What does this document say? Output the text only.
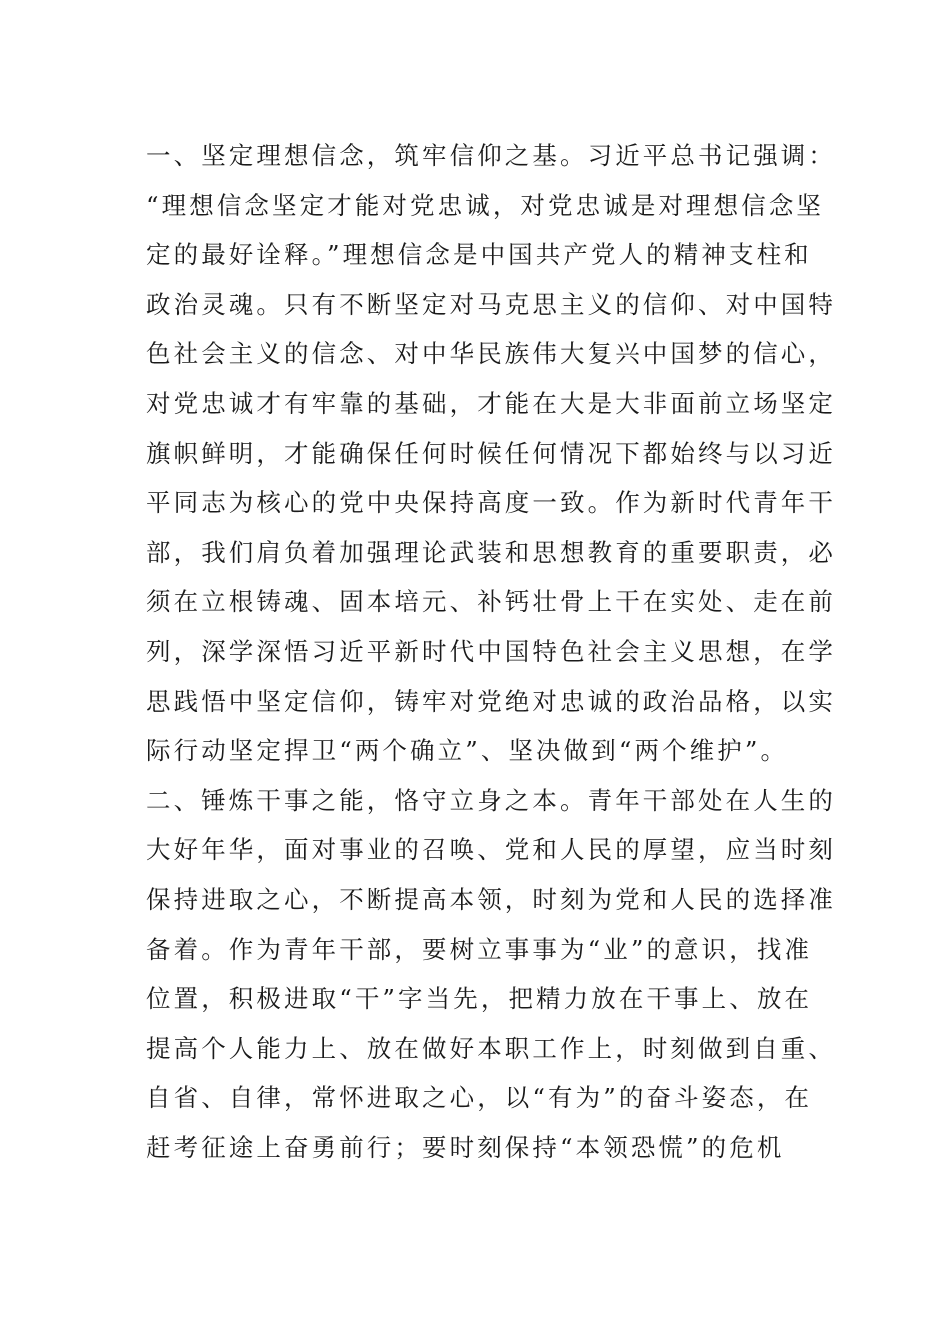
一、坚定理想信念，筑牢信仰之基。习近平总书记强调：
“理想信念坚定才能对党忠诚，对党忠诚是对理想信念坚
定的最好诠释。”理想信念是中国共产党人的精神支柱和
政治灵魂。只有不断坚定对马克思主义的信仰、对中国特
色社会主义的信念、对中华民族伟大复兴中国梦的信心，
对党忠诚才有牢靠的基础，才能在大是大非面前立场坚定
旗帜鲜明，才能确保任何时候任何情况下都始终与以习近
平同志为核心的党中央保持高度一致。作为新时代青年干
部，我们肩负着加强理论武装和思想教育的重要职责，必
须在立根铸魂、固本培元、补钙壮骨上干在实处、走在前
列，深学深悟习近平新时代中国特色社会主义思想，在学
思践悟中坚定信仰，铸牢对党绝对忠诚的政治品格，以实
际行动坚定捍卫“两个确立”、坚决做到“两个维护”。
二、锤炼干事之能，恪守立身之本。青年干部处在人生的
大好年华，面对事业的召唤、党和人民的厚望，应当时刻
保持进取之心，不断提高本领，时刻为党和人民的选择准
备着。作为青年干部，要树立事事为“业”的意识，找准
位置，积极进取“干”字当先，把精力放在干事上、放在
提高个人能力上、放在做好本职工作上，时刻做到自重、
自省、自律，常怀进取之心，以“有为”的奋斗姿态，在
赶考征途上奋勇前行；要时刻保持“本领恐慌”的危机
